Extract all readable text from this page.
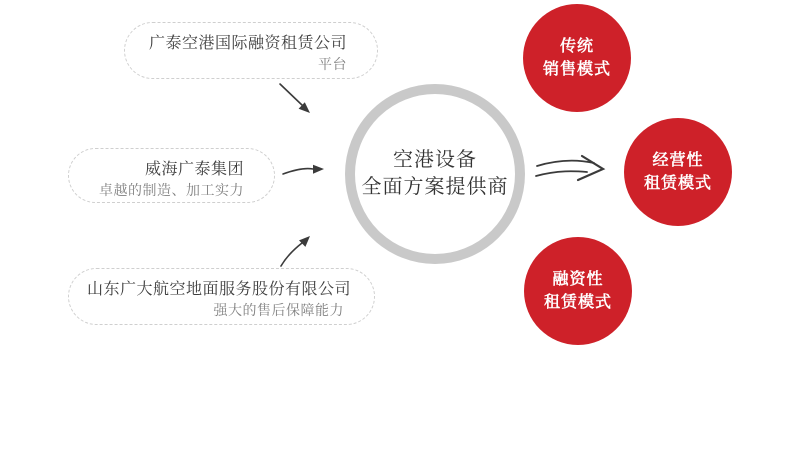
广泰空港国际融资租赁公司
平台
威海广泰集团
卓越的制造、加工实力
山东广大航空地面服务股份有限公司
强大的售后保障能力
空港设备
全面方案提供商
传统
销售模式
经营性
租赁模式
融资性
租赁模式
